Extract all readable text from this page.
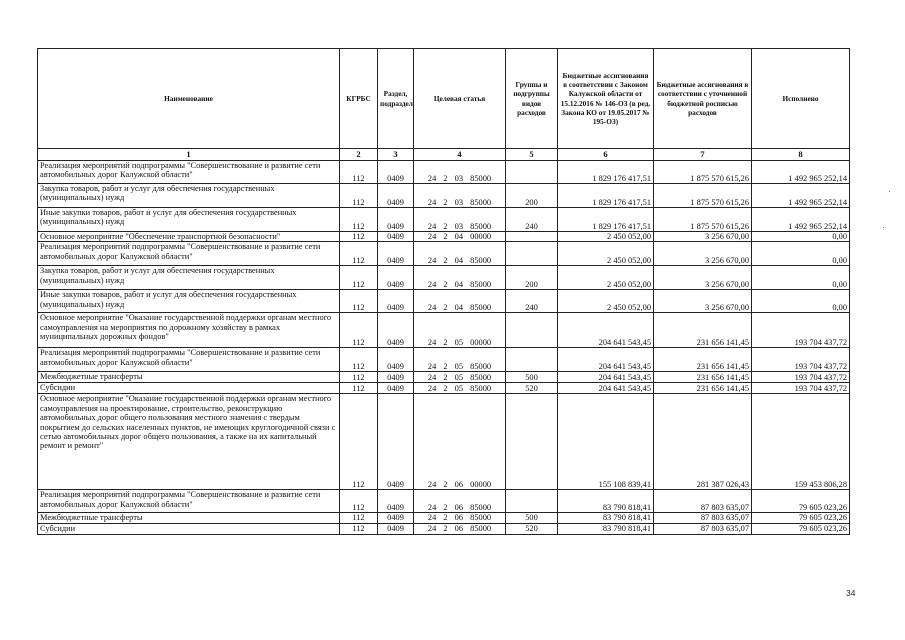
Наименование	КГРБС	Раздел, подраздел	Целевая статья	Группы и подгруппы видов расходов	Бюджетные ассигнования в соответствии с Законом Калужской области от 15.12.2016 № 146-ОЗ (в ред. Закона КО от 19.05.2017 № 195-ОЗ)	Бюджетные ассигнования в соответствии с уточненной бюджетной росписью расходов	Исполнено
1	2	3	4	5	6	7	8
Реализация мероприятий подпрограммы "Совершенствование и развитие сети автомобильных дорог Калужской области"	112	0409	24 2 03 85000		1 829 176 417,51	1 875 570 615,26	1 492 965 252,14
Закупка товаров, работ и услуг для обеспечения государственных (муниципальных) нужд	112	0409	24 2 03 85000	200	1 829 176 417,51	1 875 570 615,26	1 492 965 252,14
Иные закупки товаров, работ и услуг для обеспечения государственных (муниципальных) нужд	112	0409	24 2 03 85000	240	1 829 176 417,51	1 875 570 615,26	1 492 965 252,14
Основное мероприятие "Обеспечение транспортной безопасности"	112	0409	24 2 04 00000		2 450 052,00	3 256 670,00	0,00
Реализация мероприятий подпрограммы "Совершенствование и развитие сети автомобильных дорог Калужской области"	112	0409	24 2 04 85000		2 450 052,00	3 256 670,00	0,00
Закупка товаров, работ и услуг для обеспечения государственных (муниципальных) нужд	112	0409	24 2 04 85000	200	2 450 052,00	3 256 670,00	0,00
Иные закупки товаров, работ и услуг для обеспечения государственных (муниципальных) нужд	112	0409	24 2 04 85000	240	2 450 052,00	3 256 670,00	0,00
Основное мероприятие "Оказание государственной поддержки органам местного самоуправления на мероприятия по дорожному хозяйству в рамках муниципальных дорожных фондов"	112	0409	24 2 05 00000		204 641 543,45	231 656 141,45	193 704 437,72
Реализация мероприятий подпрограммы "Совершенствование и развитие сети автомобильных дорог Калужской области"	112	0409	24 2 05 85000		204 641 543,45	231 656 141,45	193 704 437,72
Межбюджетные трансферты	112	0409	24 2 05 85000	500	204 641 543,45	231 656 141,45	193 704 437,72
Субсидии	112	0409	24 2 05 85000	520	204 641 543,45	231 656 141,45	193 704 437,72
Основное мероприятие "Оказание государственной поддержки органам местного самоуправления на проектирование, строительство, реконструкцию автомобильных дорог общего пользования местного значения с твердым покрытием до сельских населенных пунктов, не имеющих круглогодичной связи с сетью автомобильных дорог общего пользования, а также на их капитальный ремонт и ремонт"	112	0409	24 2 06 00000		155 108 839,41	281 387 026,43	159 453 806,28
Реализация мероприятий подпрограммы "Совершенствование и развитие сети автомобильных дорог Калужской области"	112	0409	24 2 06 85000		83 790 818,41	87 803 635,07	79 605 023,26
Межбюджетные трансферты	112	0409	24 2 06 85000	500	83 790 818,41	87 803 635,07	79 605 023,26
Субсидии	112	0409	24 2 06 85000	520	83 790 818,41	87 803 635,07	79 605 023,26
34
